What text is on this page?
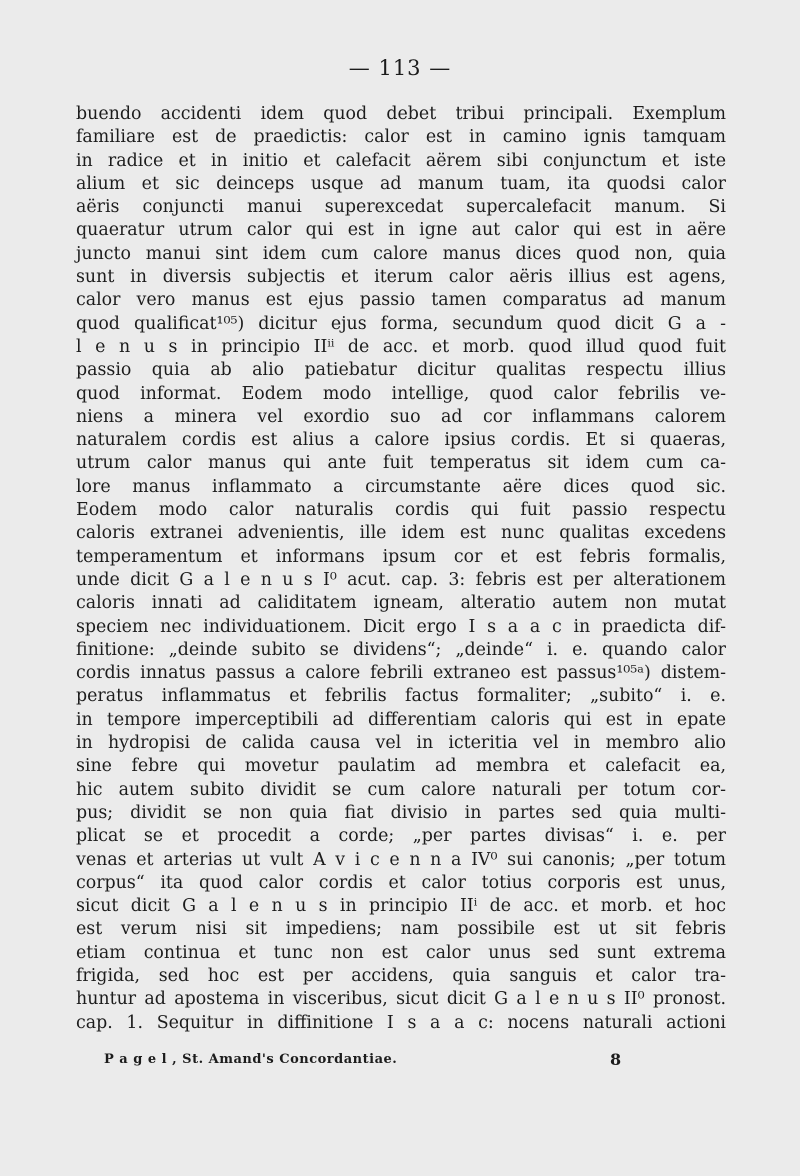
— 113 —
buendo accidenti idem quod debet tribui principali. Exemplum
familiare est de praedictis: calor est in camino ignis tamquam
in radice et in initio et calefacit aërem sibi conjunctum et iste
alium et sic deinceps usque ad manum tuam, ita quodsi calor
aëris conjuncti manui superexcedat supercalefacit manum. Si
quaeratur utrum calor qui est in igne aut calor qui est in aëre
juncto manui sint idem cum calore manus dices quod non, quia
sunt in diversis subjectis et iterum calor aëris illius est agens,
calor vero manus est ejus passio tamen comparatus ad manum
quod qualificat¹⁰⁵) dicitur ejus forma, secundum quod dicit G a -
l e n u s in principio IIⁱⁱ de acc. et morb. quod illud quod fuit
passio quia ab alio patiebatur dicitur qualitas respectu illius
quod informat. Eodem modo intellige, quod calor febrilis ve-
niens a minera vel exordio suo ad cor inflammans calorem
naturalem cordis est alius a calore ipsius cordis. Et si quaeras,
utrum calor manus qui ante fuit temperatus sit idem cum ca-
lore manus inflammato a circumstante aëre dices quod sic.
Eodem modo calor naturalis cordis qui fuit passio respectu
caloris extranei advenientis, ille idem est nunc qualitas excedens
temperamentum et informans ipsum cor et est febris formalis,
unde dicit G a l e n u s I⁰ acut. cap. 3: febris est per alterationem
caloris innati ad caliditatem igneam, alteratio autem non mutat
speciem nec individuationem. Dicit ergo I s a a c in praedicta dif-
finitione: „deinde subito se dividens“; „deinde“ i. e. quando calor
cordis innatus passus a calore febrili extraneo est passus¹⁰⁵ᵃ) distem-
peratus inflammatus et febrilis factus formaliter; „subito“ i. e.
in tempore imperceptibili ad differentiam caloris qui est in epate
in hydropisi de calida causa vel in icteritia vel in membro alio
sine febre qui movetur paulatim ad membra et calefacit ea,
hic autem subito dividit se cum calore naturali per totum cor-
pus; dividit se non quia fiat divisio in partes sed quia multi-
plicat se et procedit a corde; „per partes divisas“ i. e. per
venas et arterias ut vult A v i c e n n a IV⁰ sui canonis; „per totum
corpus“ ita quod calor cordis et calor totius corporis est unus,
sicut dicit G a l e n u s in principio IIⁱ de acc. et morb. et hoc
est verum nisi sit impediens; nam possibile est ut sit febris
etiam continua et tunc non est calor unus sed sunt extrema
frigida, sed hoc est per accidens, quia sanguis et calor tra-
huntur ad apostema in visceribus, sicut dicit G a l e n u s II⁰ pronost.
cap. 1. Sequitur in diffinitione I s a a c: nocens naturali actioni
P a g e l , St. Amand's Concordantiae.	8
